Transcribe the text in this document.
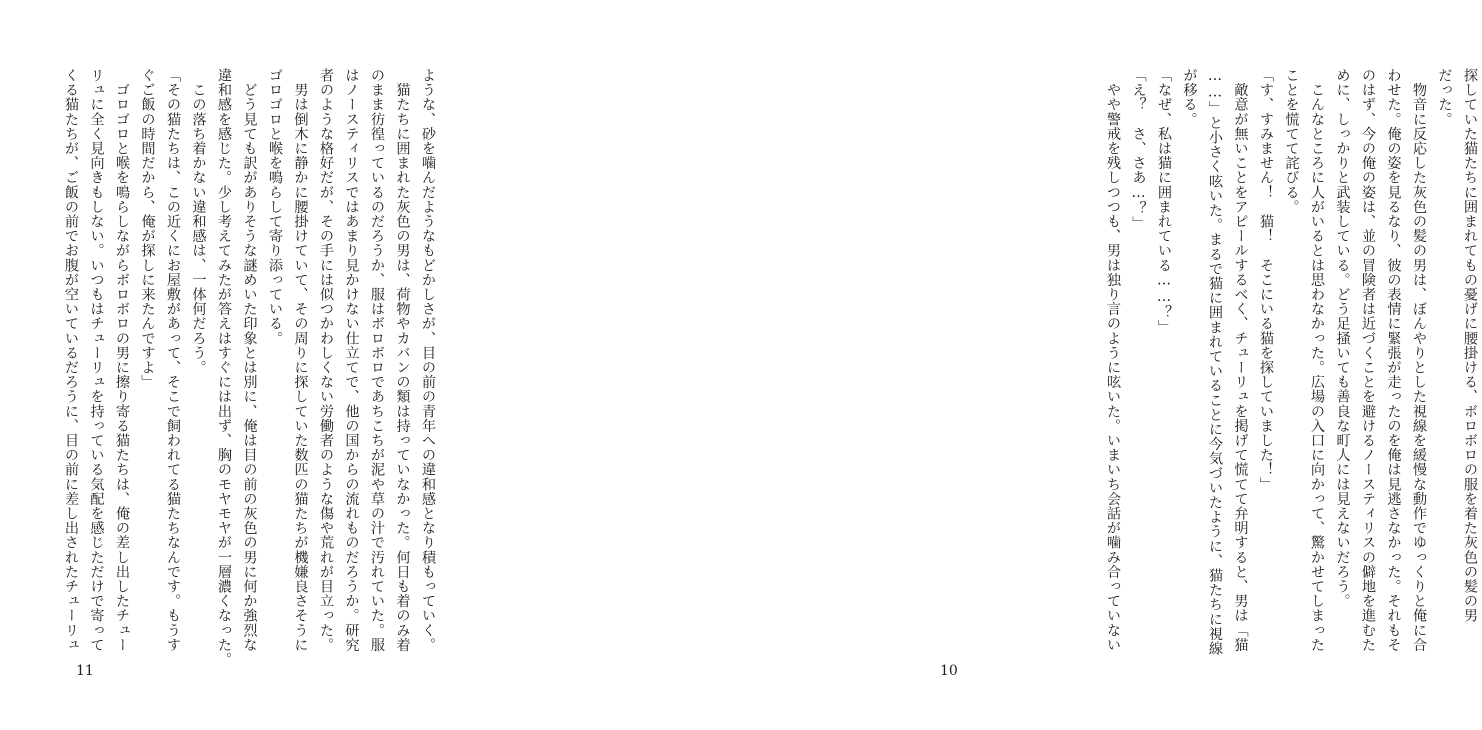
ような、砂を噛んだようなもどかしさが、目の前の青年への違和感となり積もっていく。

　猫たちに囲まれた灰色の男は、荷物やカバンの類は持っていなかった。何日も着のみ着

のまま彷徨っているのだろうか、服はボロボロであちこちが泥や草の汁で汚れていた。服

はノースティリスではあまり見かけない仕立てで、他の国からの流れものだろうか。研究

者のような格好だが、その手には似つかわしくない労働者のような傷や荒れが目立った。

　男は倒木に静かに腰掛けていて、その周りに探していた数匹の猫たちが機嫌良さそうに

ゴロゴロと喉を鳴らして寄り添っている。

　どう見ても訳がありそうな謎めいた印象とは別に、俺は目の前の灰色の男に何か強烈な

違和感を感じた。少し考えてみたが答えはすぐには出ず、胸のモヤモヤが一層濃くなった。

　この落ち着かない違和感は、一体何だろう。

「その猫たちは、この近くにお屋敷があって、そこで飼われてる猫たちなんです。もうす

ぐご飯の時間だから、俺が探しに来たんですよ」

　ゴロゴロと喉を鳴らしながらボロボロの男に擦り寄る猫たちは、俺の差し出したチュー

リュに全く見向きもしない。いつもはチューリュを持っている気配を感じただけで寄って

くる猫たちが、ご飯の前でお腹が空いているだろうに、目の前に差し出されたチューリュ

11

探していた猫たちに囲まれてもの憂げに腰掛ける、ボロボロの服を着た灰色の髪の男

だった。

　物音に反応した灰色の髪の男は、ぼんやりとした視線を緩慢な動作でゆっくりと俺に合

わせた。俺の姿を見るなり、彼の表情に緊張が走ったのを俺は見逃さなかった。それもそ

のはず、今の俺の姿は、並の冒険者は近づくことを避けるノースティリスの僻地を進むた

めに、しっかりと武装している。どう足掻いても善良な町人には見えないだろう。

　こんなところに人がいるとは思わなかった。広場の入口に向かって、驚かせてしまった

ことを慌てて詫びる。

「す、すみません！　猫！　そこにいる猫を探していました！」

　敵意が無いことをアピールするべく、チューリュを掲げて慌てて弁明すると、男は「猫

……」と小さく呟いた。まるで猫に囲まれていることに今気づいたように、猫たちに視線

が移る。

「なぜ、私は猫に囲まれている……？」

「え？　さ、さあ…？」

　やや警戒を残しつつも、男は独り言のように呟いた。いまいち会話が噛み合っていない

10
